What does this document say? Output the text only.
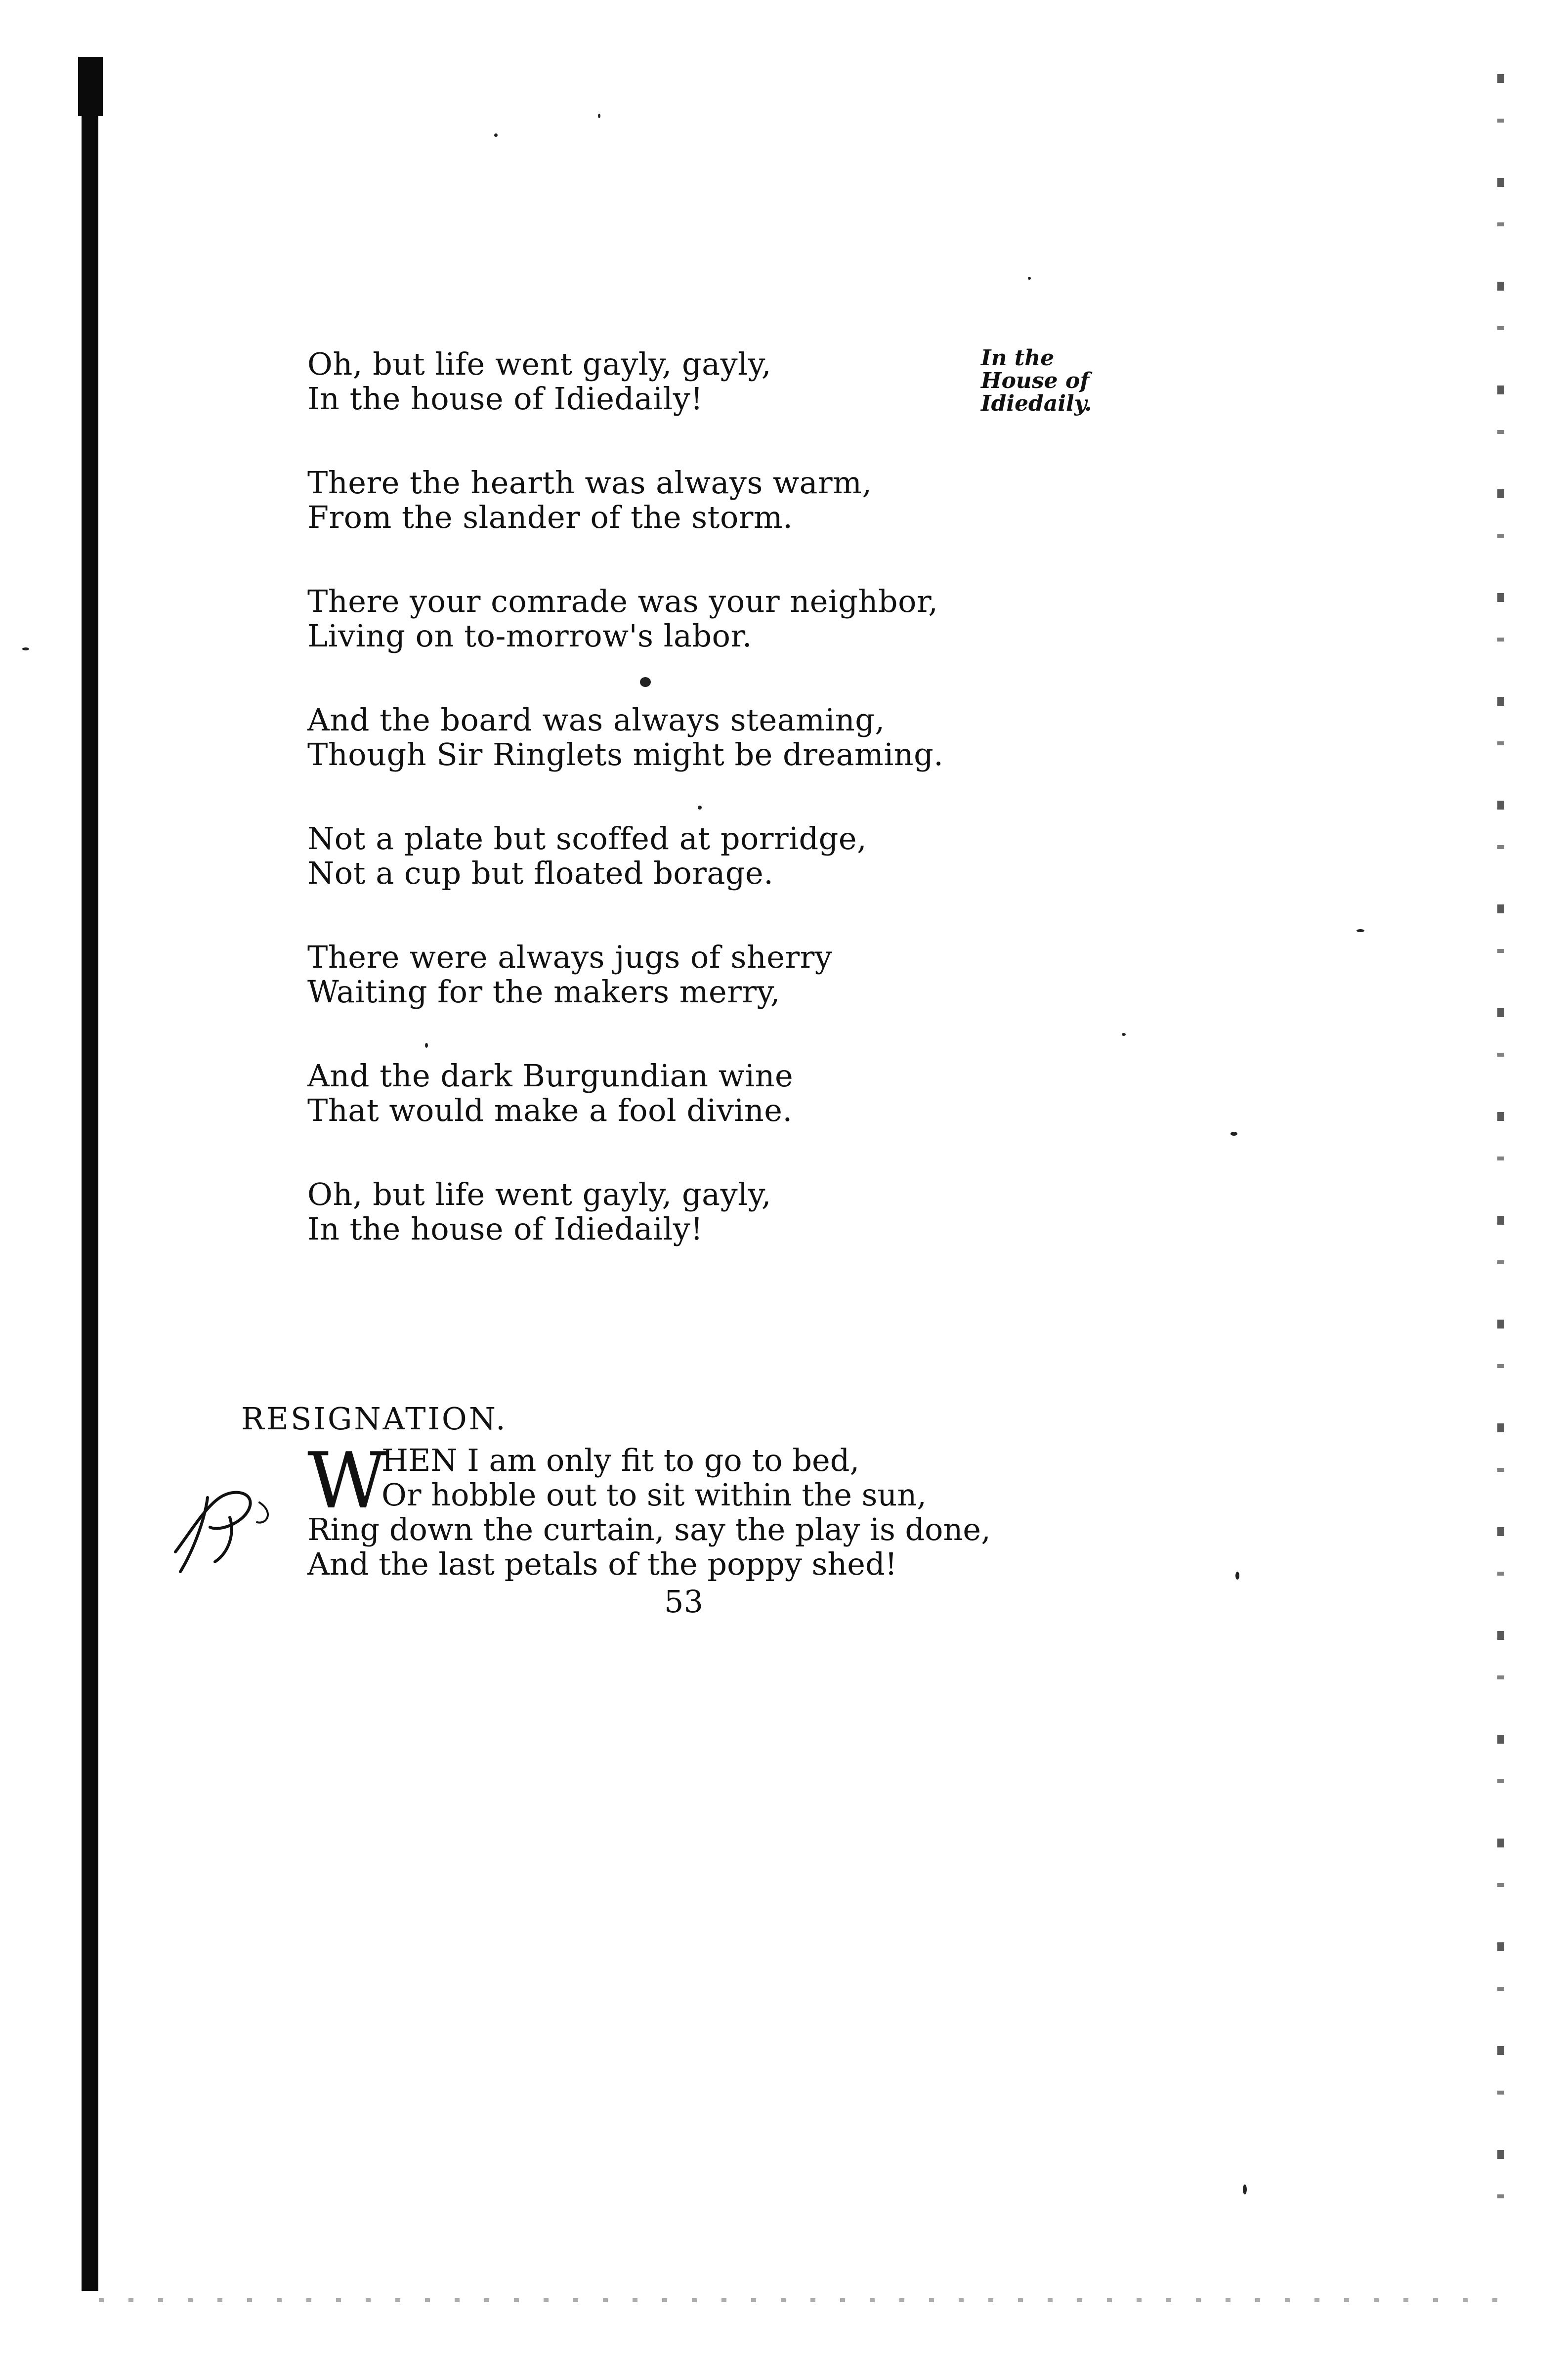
In the
House of
Idiedaily.
Oh, but life went gayly, gayly,
In the house of Idiedaily!
There the hearth was always warm,
From the slander of the storm.
There your comrade was your neighbor,
Living on to-morrow's labor.
And the board was always steaming,
Though Sir Ringlets might be dreaming.
Not a plate but scoffed at porridge,
Not a cup but floated borage.
There were always jugs of sherry
Waiting for the makers merry,
And the dark Burgundian wine
That would make a fool divine.
Oh, but life went gayly, gayly,
In the house of Idiedaily!
RESIGNATION.
W
HEN I am only fit to go to bed,
Or hobble out to sit within the sun,
Ring down the curtain, say the play is done,
And the last petals of the poppy shed!
53
